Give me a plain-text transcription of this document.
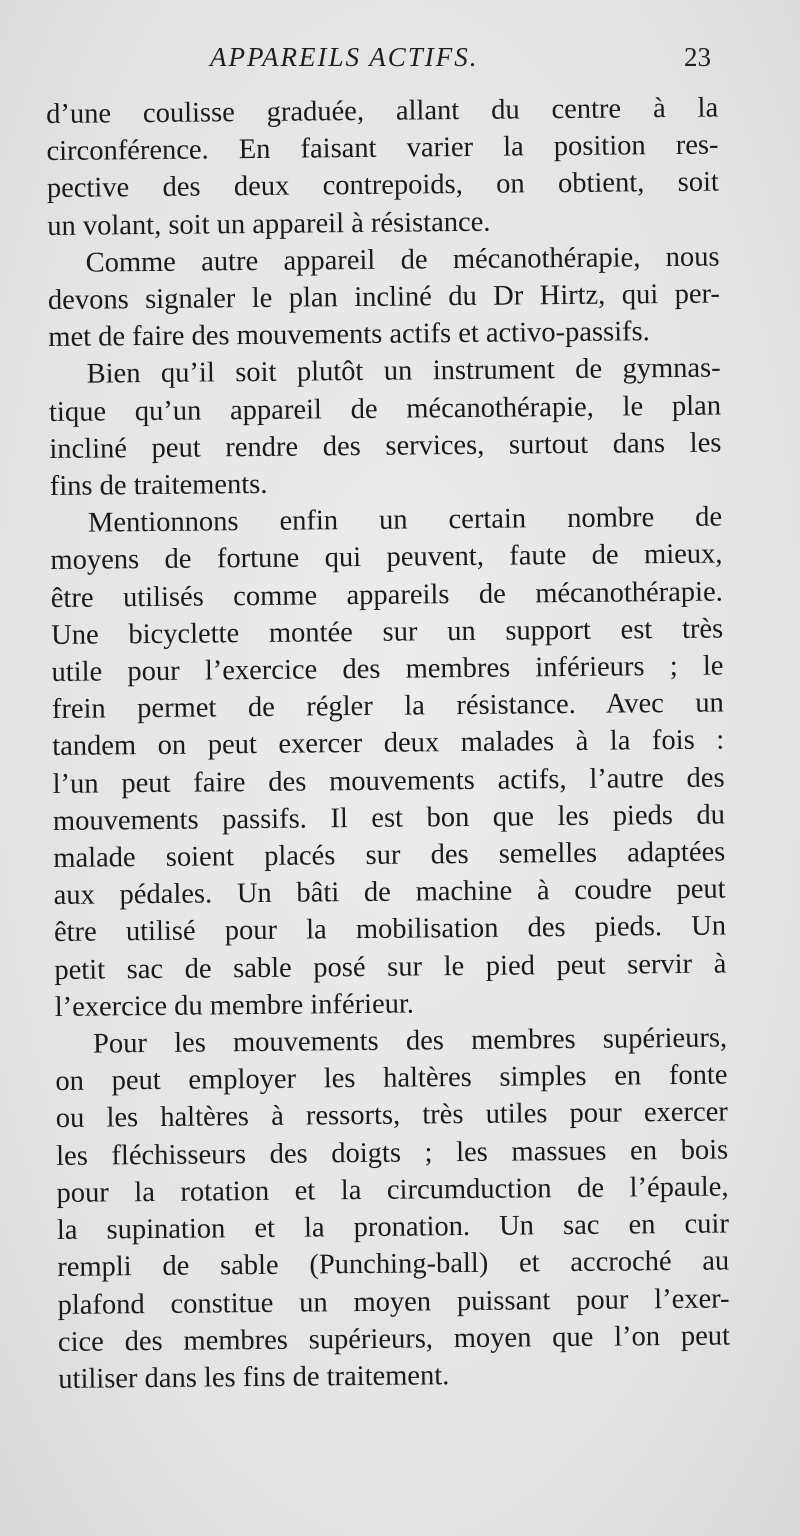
APPAREILS ACTIFS.	23

d’une coulisse graduée, allant du centre à la
circonférence. En faisant varier la position res-
pective des deux contrepoids, on obtient, soit
un volant, soit un appareil à résistance.

Comme autre appareil de mécanothérapie, nous
devons signaler le plan incliné du Dr Hirtz, qui per-
met de faire des mouvements actifs et activo-passifs.

Bien qu’il soit plutôt un instrument de gymnas-
tique qu’un appareil de mécanothérapie, le plan
incliné peut rendre des services, surtout dans les
fins de traitements.

Mentionnons enfin un certain nombre de
moyens de fortune qui peuvent, faute de mieux,
être utilisés comme appareils de mécanothérapie.
Une bicyclette montée sur un support est très
utile pour l’exercice des membres inférieurs ; le
frein permet de régler la résistance. Avec un
tandem on peut exercer deux malades à la fois :
l’un peut faire des mouvements actifs, l’autre des
mouvements passifs. Il est bon que les pieds du
malade soient placés sur des semelles adaptées
aux pédales. Un bâti de machine à coudre peut
être utilisé pour la mobilisation des pieds. Un
petit sac de sable posé sur le pied peut servir à
l’exercice du membre inférieur.

Pour les mouvements des membres supérieurs,
on peut employer les haltères simples en fonte
ou les haltères à ressorts, très utiles pour exercer
les fléchisseurs des doigts ; les massues en bois
pour la rotation et la circumduction de l’épaule,
la supination et la pronation. Un sac en cuir
rempli de sable (Punching-ball) et accroché au
plafond constitue un moyen puissant pour l’exer-
cice des membres supérieurs, moyen que l’on peut
utiliser dans les fins de traitement.
